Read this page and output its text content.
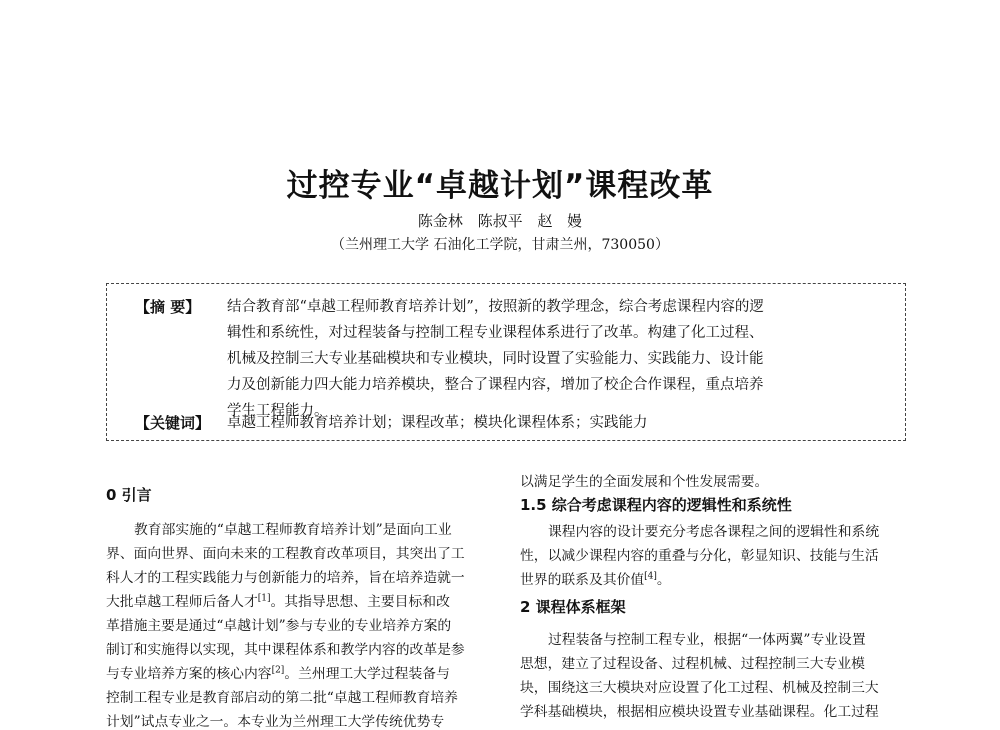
过控专业“卓越计划”课程改革

陈金林 陈叔平 赵 嫚

（兰州理工大学 石油化工学院，甘肃兰州，730050）

【摘 要】	结合教育部“卓越工程师教育培养计划”，按照新的教学理念，综合考虑课程内容的逻
辑性和系统性，对过程装备与控制工程专业课程体系进行了改革。构建了化工过程、
机械及控制三大专业基础模块和专业模块，同时设置了实验能力、实践能力、设计能
力及创新能力四大能力培养模块，整合了课程内容，增加了校企合作课程，重点培养
学生工程能力。
【关键词】	卓越工程师教育培养计划；课程改革；模块化课程体系；实践能力
0 引言
教育部实施的“卓越工程师教育培养计划”是面向工业
界、面向世界、面向未来的工程教育改革项目，其突出了工
科人才的工程实践能力与创新能力的培养，旨在培养造就一
大批卓越工程师后备人才[1]。其指导思想、主要目标和改
革措施主要是通过“卓越计划”参与专业的专业培养方案的
制订和实施得以实现，其中课程体系和教学内容的改革是参
与专业培养方案的核心内容[2]。兰州理工大学过程装备与
控制工程专业是教育部启动的第二批“卓越工程师教育培养
计划”试点专业之一。本专业为兰州理工大学传统优势专
以满足学生的全面发展和个性发展需要。
1.5 综合考虑课程内容的逻辑性和系统性
课程内容的设计要充分考虑各课程之间的逻辑性和系统
性，以减少课程内容的重叠与分化，彰显知识、技能与生活
世界的联系及其价值[4]。
2 课程体系框架
过程装备与控制工程专业，根据“一体两翼”专业设置
思想，建立了过程设备、过程机械、过程控制三大专业模
块，围绕这三大模块对应设置了化工过程、机械及控制三大
学科基础模块，根据相应模块设置专业基础课程。化工过程
